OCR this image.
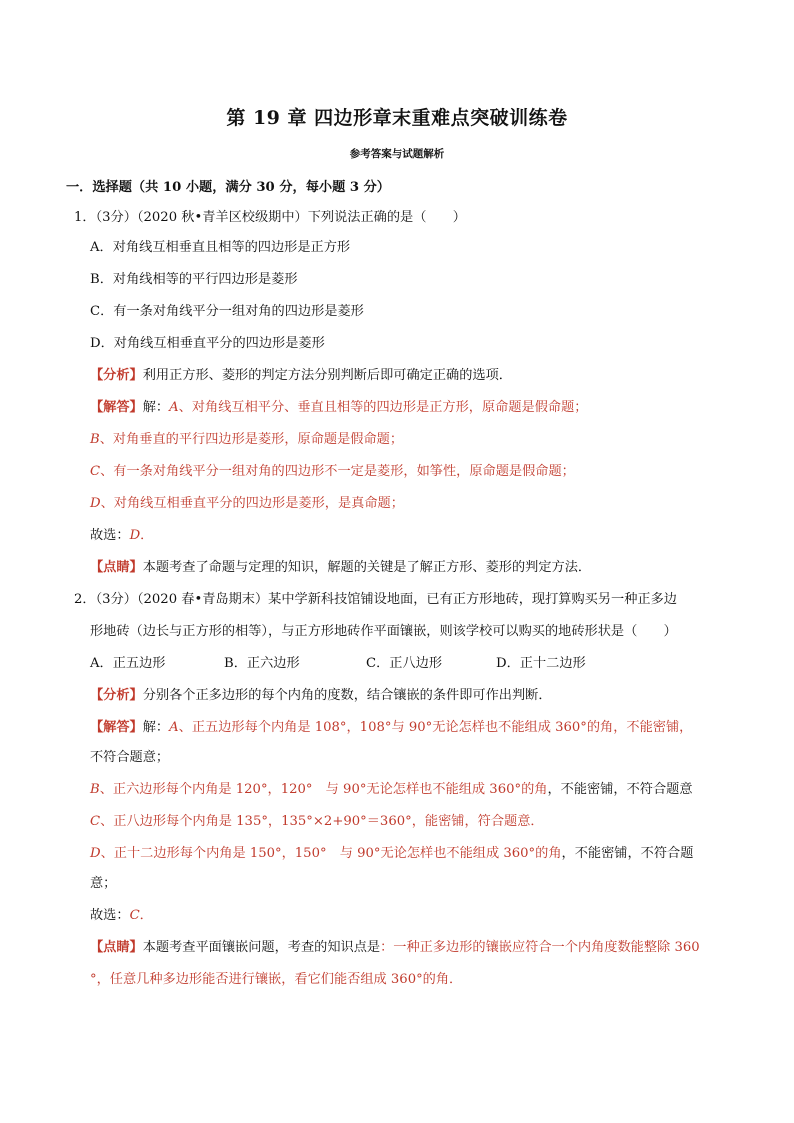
第 19 章 四边形章末重难点突破训练卷
参考答案与试题解析
一．选择题（共 10 小题，满分 30 分，每小题 3 分）
1．（3分）（2020 秋•青羊区校级期中）下列说法正确的是（　　）
A．对角线互相垂直且相等的四边形是正方形
B．对角线相等的平行四边形是菱形
C．有一条对角线平分一组对角的四边形是菱形
D．对角线互相垂直平分的四边形是菱形
【分析】利用正方形、菱形的判定方法分别判断后即可确定正确的选项．
【解答】解：A、对角线互相平分、垂直且相等的四边形是正方形，原命题是假命题；
B、对角垂直的平行四边形是菱形，原命题是假命题；
C、有一条对角线平分一组对角的四边形不一定是菱形，如筝性，原命题是假命题；
D、对角线互相垂直平分的四边形是菱形，是真命题；
故选：D．
【点睛】本题考查了命题与定理的知识，解题的关键是了解正方形、菱形的判定方法．
2．（3分）（2020 春•青岛期末）某中学新科技馆铺设地面，已有正方形地砖，现打算购买另一种正多边
形地砖（边长与正方形的相等），与正方形地砖作平面镶嵌，则该学校可以购买的地砖形状是（　　）
A．正五边形	B．正六边形	C．正八边形	D．正十二边形
【分析】分别各个正多边形的每个内角的度数，结合镶嵌的条件即可作出判断．
【解答】解：A、正五边形每个内角是 108°，108°与 90°无论怎样也不能组成 360°的角，不能密铺，
不符合题意；
B、正六边形每个内角是 120°，120°　与 90°无论怎样也不能组成 360°的角，不能密铺，不符合题意
C、正八边形每个内角是 135°，135°×2+90°＝360°，能密铺，符合题意．
D、正十二边形每个内角是 150°，150°　与 90°无论怎样也不能组成 360°的角，不能密铺，不符合题
意；
故选：C．
【点睛】本题考查平面镶嵌问题，考查的知识点是：一种正多边形的镶嵌应符合一个内角度数能整除 360
°，任意几种多边形能否进行镶嵌，看它们能否组成 360°的角．
